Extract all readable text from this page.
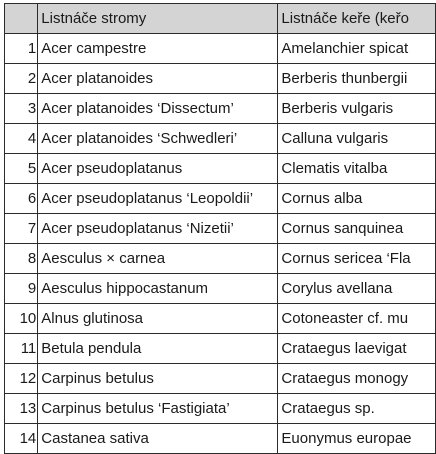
	Listnáče stromy	Listnáče keře (keřo
1	Acer campestre	Amelanchier spicat
2	Acer platanoides	Berberis thunbergii
3	Acer platanoides ‘Dissectum’	Berberis vulgaris
4	Acer platanoides ‘Schwedleri’	Calluna vulgaris
5	Acer pseudoplatanus	Clematis vitalba
6	Acer pseudoplatanus ‘Leopoldii’	Cornus alba
7	Acer pseudoplatanus ‘Nizetii’	Cornus sanquinea
8	Aesculus × carnea	Cornus sericea ‘Fla
9	Aesculus hippocastanum	Corylus avellana
10	Alnus glutinosa	Cotoneaster cf. mu
11	Betula pendula	Crataegus laevigat
12	Carpinus betulus	Crataegus monogy
13	Carpinus betulus ‘Fastigiata’	Crataegus sp.
14	Castanea sativa	Euonymus europae
